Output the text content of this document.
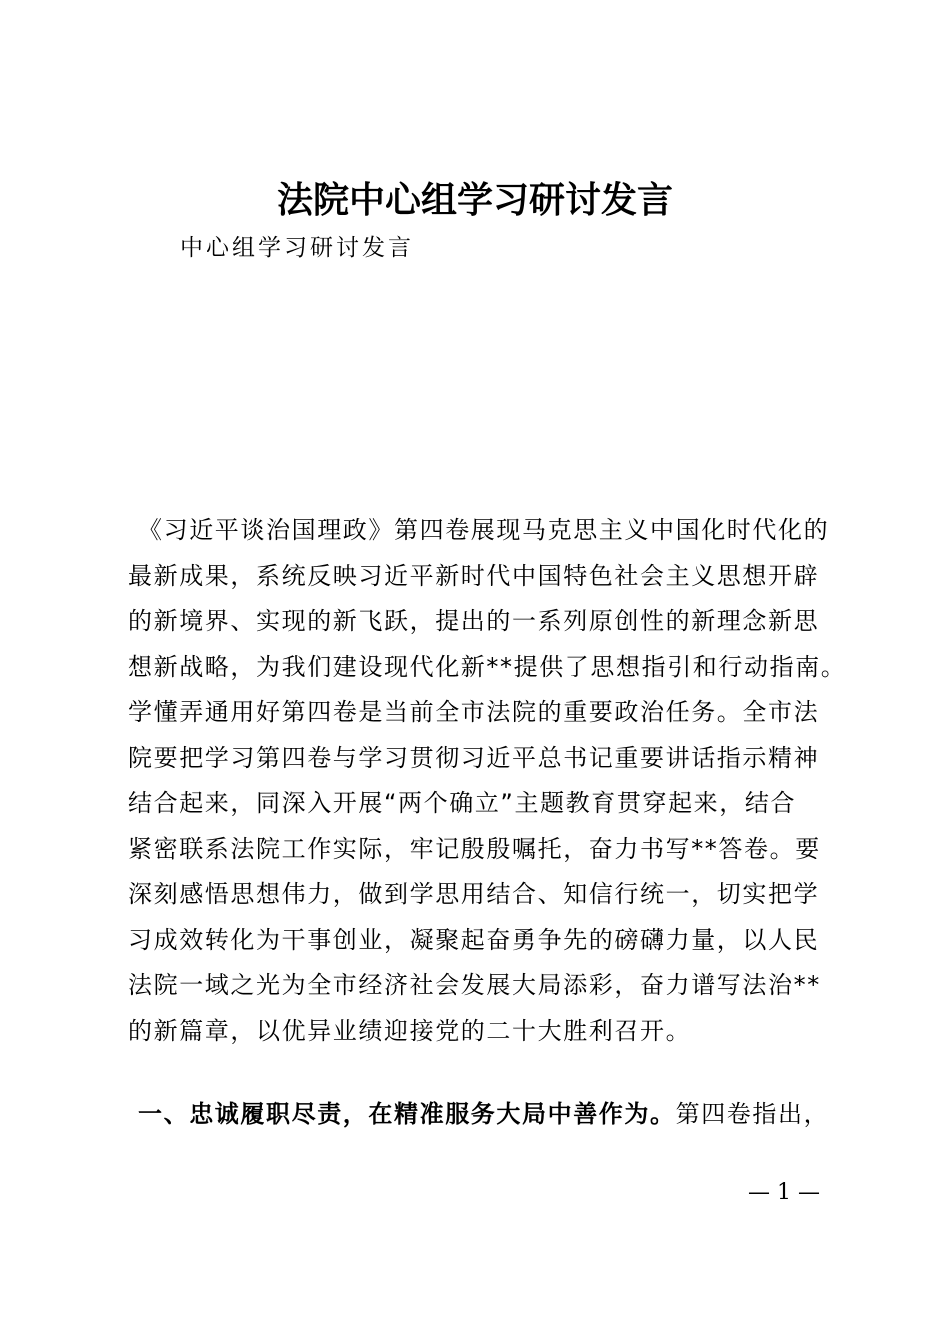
法院中心组学习研讨发言
中心组学习研讨发言
《习近平谈治国理政》第四卷展现马克思主义中国化时代化的
最新成果，系统反映习近平新时代中国特色社会主义思想开辟
的新境界、实现的新飞跃，提出的一系列原创性的新理念新思
想新战略，为我们建设现代化新**提供了思想指引和行动指南。
学懂弄通用好第四卷是当前全市法院的重要政治任务。全市法
院要把学习第四卷与学习贯彻习近平总书记重要讲话指示精神
结合起来，同深入开展“两个确立”主题教育贯穿起来，结合
紧密联系法院工作实际，牢记殷殷嘱托，奋力书写**答卷。要
深刻感悟思想伟力，做到学思用结合、知信行统一，切实把学
习成效转化为干事创业，凝聚起奋勇争先的磅礴力量，以人民
法院一域之光为全市经济社会发展大局添彩，奋力谱写法治**
的新篇章，以优异业绩迎接党的二十大胜利召开。
一、忠诚履职尽责，在精准服务大局中善作为。第四卷指出，
— 1 —
